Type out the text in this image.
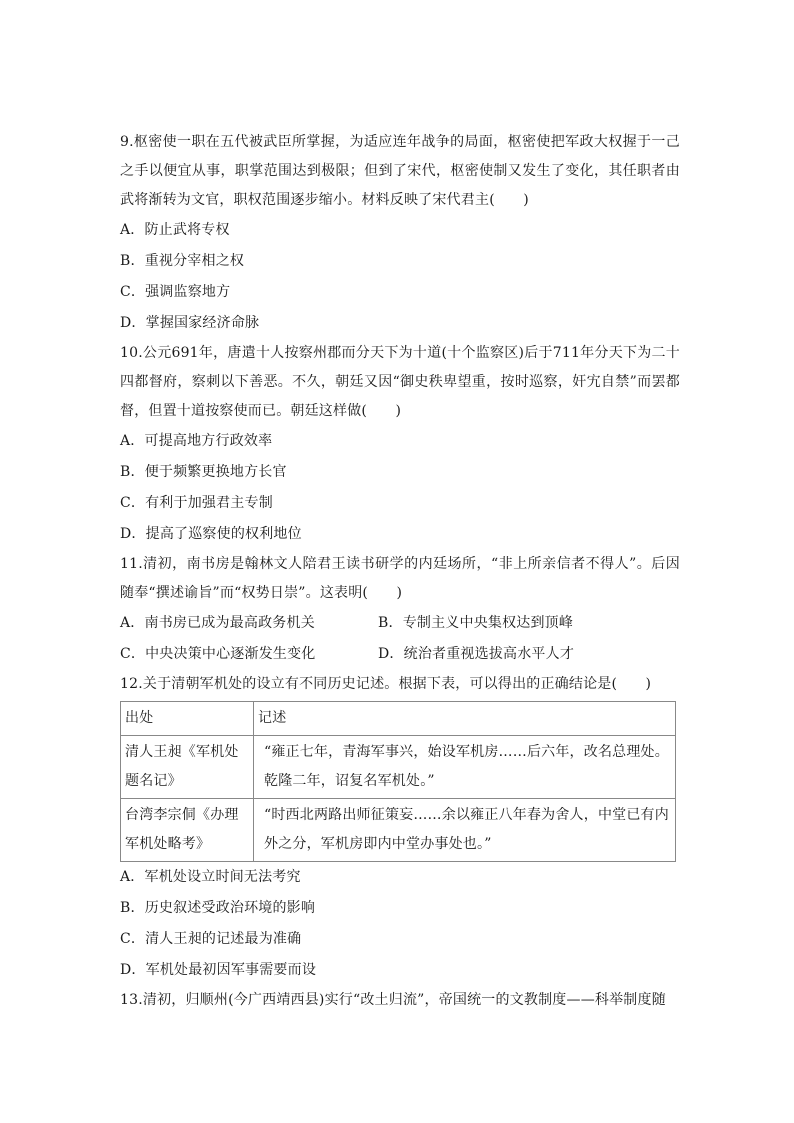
9.枢密使一职在五代被武臣所掌握，为适应连年战争的局面，枢密使把军政大权握于一己之手以便宜从事，职掌范围达到极限；但到了宋代，枢密使制又发生了变化，其任职者由武将渐转为文官，职权范围逐步缩小。材料反映了宋代君主(　　)

A．防止武将专权

B．重视分宰相之权

C．强调监察地方

D．掌握国家经济命脉

10.公元691年，唐遣十人按察州郡而分天下为十道(十个监察区)后于711年分天下为二十四都督府，察刺以下善恶。不久，朝廷又因“御史秩卑望重，按时巡察，奸宄自禁”而罢都督，但置十道按察使而已。朝廷这样做(　　)

A．可提高地方行政效率

B．便于频繁更换地方长官

C．有利于加强君主专制

D．提高了巡察使的权利地位

11.清初，南书房是翰林文人陪君王读书研学的内廷场所，“非上所亲信者不得人”。后因随奉“撰述谕旨”而“权势日崇”。这表明(　　)

A．南书房已成为最高政务机关	B．专制主义中央集权达到顶峰
C．中央决策中心逐渐发生变化	D．统治者重视选拔高水平人才

12.关于清朝军机处的设立有不同历史记述。根据下表，可以得出的正确结论是(　　)

出处	记述
清人王昶《军机处题名记》	“雍正七年，青海军事兴，始设军机房……后六年，改名总理处。乾隆二年，诏复名军机处。”
台湾李宗侗《办理军机处略考》	“时西北两路出师征策妄……余以雍正八年春为舍人，中堂已有内外之分，军机房即内中堂办事处也。”

A．军机处设立时间无法考究

B．历史叙述受政治环境的影响

C．清人王昶的记述最为准确

D．军机处最初因军事需要而设

13.清初，归顺州(今广西靖西县)实行“改土归流”，帝国统一的文教制度——科举制度随
